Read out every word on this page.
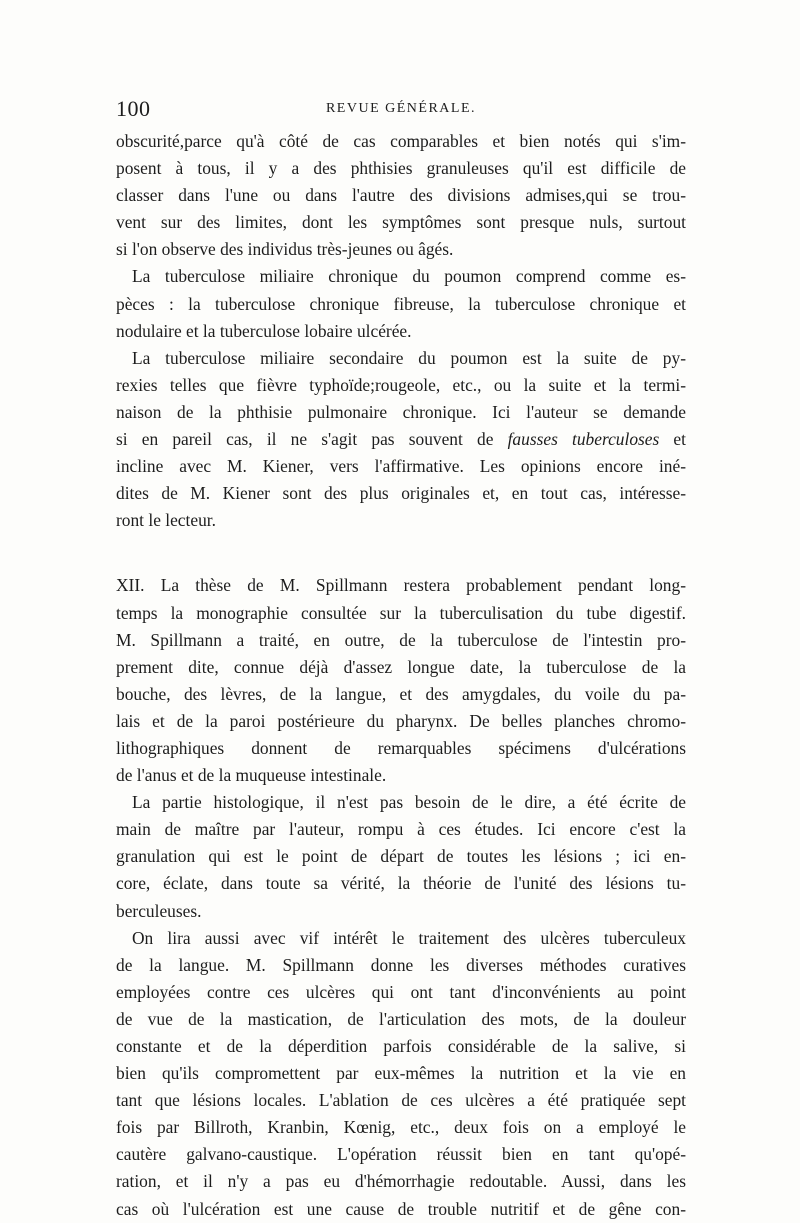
100	REVUE GÉNÉRALE.
obscurité,parce qu'à côté de cas comparables et bien notés qui s'im-
posent à tous, il y a des phthisies granuleuses qu'il est difficile de
classer dans l'une ou dans l'autre des divisions admises,qui se trou-
vent sur des limites, dont les symptômes sont presque nuls, surtout
si l'on observe des individus très-jeunes ou âgés.
La tuberculose miliaire chronique du poumon comprend comme es-
pèces : la tuberculose chronique fibreuse, la tuberculose chronique et
nodulaire et la tuberculose lobaire ulcérée.
La tuberculose miliaire secondaire du poumon est la suite de py-
rexies telles que fièvre typhoïde;rougeole, etc., ou la suite et la termi-
naison de la phthisie pulmonaire chronique. Ici l'auteur se demande
si en pareil cas, il ne s'agit pas souvent de fausses tuberculoses et
incline avec M. Kiener, vers l'affirmative. Les opinions encore iné-
dites de M. Kiener sont des plus originales et, en tout cas, intéresse-
ront le lecteur.
XII. La thèse de M. Spillmann restera probablement pendant long-
temps la monographie consultée sur la tuberculisation du tube digestif.
M. Spillmann a traité, en outre, de la tuberculose de l'intestin pro-
prement dite, connue déjà d'assez longue date, la tuberculose de la
bouche, des lèvres, de la langue, et des amygdales, du voile du pa-
lais et de la paroi postérieure du pharynx. De belles planches chromo-
lithographiques donnent de remarquables spécimens d'ulcérations
de l'anus et de la muqueuse intestinale.
La partie histologique, il n'est pas besoin de le dire, a été écrite de
main de maître par l'auteur, rompu à ces études. Ici encore c'est la
granulation qui est le point de départ de toutes les lésions ; ici en-
core, éclate, dans toute sa vérité, la théorie de l'unité des lésions tu-
berculeuses.
On lira aussi avec vif intérêt le traitement des ulcères tuberculeux
de la langue. M. Spillmann donne les diverses méthodes curatives
employées contre ces ulcères qui ont tant d'inconvénients au point
de vue de la mastication, de l'articulation des mots, de la douleur
constante et de la déperdition parfois considérable de la salive, si
bien qu'ils compromettent par eux-mêmes la nutrition et la vie en
tant que lésions locales. L'ablation de ces ulcères a été pratiquée sept
fois par Billroth, Kranbin, Kœnig, etc., deux fois on a employé le
cautère galvano-caustique. L'opération réussit bien en tant qu'opé-
ration, et il n'y a pas eu d'hémorrhagie redoutable. Aussi, dans les
cas où l'ulcération est une cause de trouble nutritif et de gêne con-
